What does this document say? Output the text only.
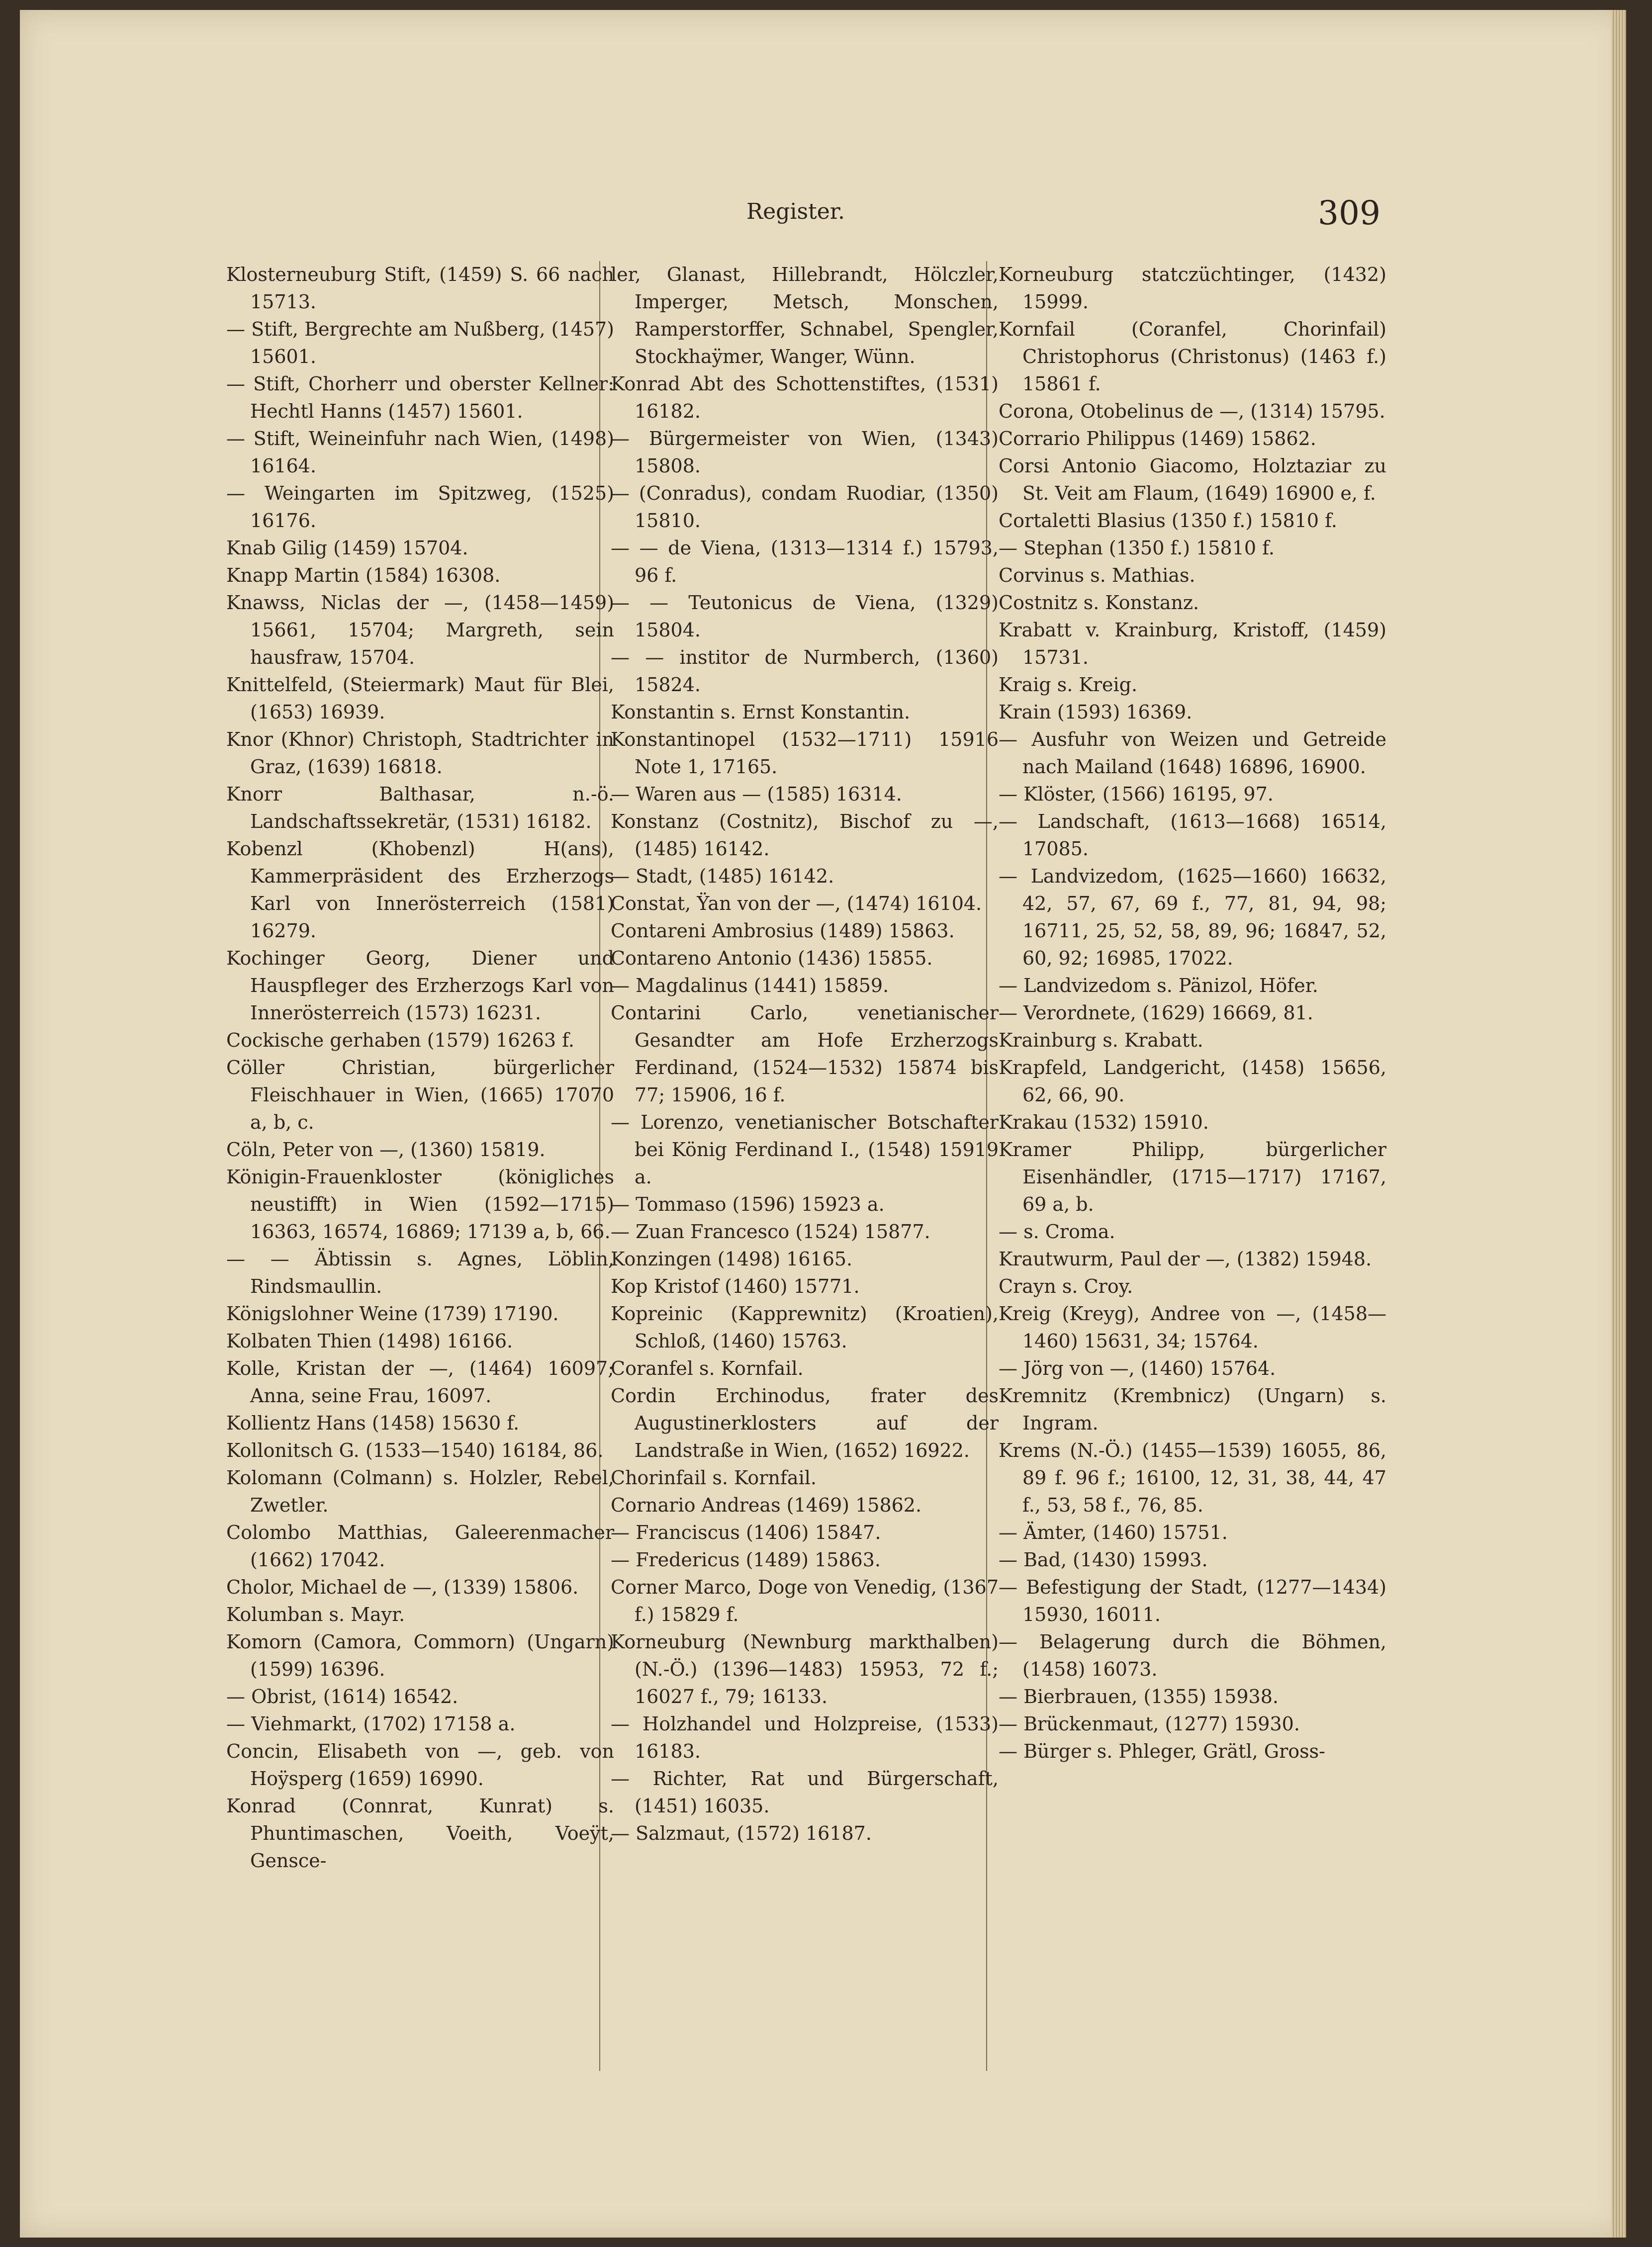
Register.	309

Klosterneuburg Stift, (1459) S. 66 nach 15713.

— Stift, Bergrechte am Nußberg, (1457) 15601.

— Stift, Chorherr und oberster Kellner: Hechtl Hanns (1457) 15601.

— Stift, Weineinfuhr nach Wien, (1498) 16164.

— Weingarten im Spitzweg, (1525) 16176.

Knab Gilig (1459) 15704.

Knapp Martin (1584) 16308.

Knawss, Niclas der —, (1458—1459) 15661, 15704; Margreth, sein hausfraw, 15704.

Knittelfeld, (Steiermark) Maut für Blei, (1653) 16939.

Knor (Khnor) Christoph, Stadtrichter in Graz, (1639) 16818.

Knorr Balthasar, n.-ö. Landschaftssekretär, (1531) 16182.

Kobenzl (Khobenzl) H(ans), Kammerpräsident des Erzherzogs Karl von Innerösterreich (1581) 16279.

Kochinger Georg, Diener und Hauspfleger des Erzherzogs Karl von Innerösterreich (1573) 16231.

Cockische gerhaben (1579) 16263 f.

Cöller Christian, bürgerlicher Fleischhauer in Wien, (1665) 17070 a, b, c.

Cöln, Peter von —, (1360) 15819.

Königin-Frauenkloster (königliches neustifft) in Wien (1592—1715) 16363, 16574, 16869; 17139 a, b, 66.

— — Äbtissin s. Agnes, Löblin, Rindsmaullin.

Königslohner Weine (1739) 17190.

Kolbaten Thien (1498) 16166.

Kolle, Kristan der —, (1464) 16097; Anna, seine Frau, 16097.

Kollientz Hans (1458) 15630 f.

Kollonitsch G. (1533—1540) 16184, 86.

Kolomann (Colmann) s. Holzler, Rebel, Zwetler.

Colombo Matthias, Galeerenmacher (1662) 17042.

Cholor, Michael de —, (1339) 15806.

Kolumban s. Mayr.

Komorn (Camora, Commorn) (Ungarn) (1599) 16396.

— Obrist, (1614) 16542.

— Viehmarkt, (1702) 17158 a.

Concin, Elisabeth von —, geb. von Hoÿsperg (1659) 16990.

Konrad (Connrat, Kunrat) s. Phuntimaschen, Voeith, Voeÿt, Gensce-

ler, Glanast, Hillebrandt, Hölczler, Imperger, Metsch, Monschen, Ramperstorffer, Schnabel, Spengler, Stockhaÿmer, Wanger, Wünn.

Konrad Abt des Schottenstiftes, (1531) 16182.

— Bürgermeister von Wien, (1343) 15808.

— (Conradus), condam Ruodiar, (1350) 15810.

— — de Viena, (1313—1314 f.) 15793, 96 f.

— — Teutonicus de Viena, (1329) 15804.

— — institor de Nurmberch, (1360) 15824.

Konstantin s. Ernst Konstantin.

Konstantinopel (1532—1711) 15916 Note 1, 17165.

— Waren aus — (1585) 16314.

Konstanz (Costnitz), Bischof zu —, (1485) 16142.

— Stadt, (1485) 16142.

Constat, Ÿan von der —, (1474) 16104.

Contareni Ambrosius (1489) 15863.

Contareno Antonio (1436) 15855.

— Magdalinus (1441) 15859.

Contarini Carlo, venetianischer Gesandter am Hofe Erzherzogs Ferdinand, (1524—1532) 15874 bis 77; 15906, 16 f.

— Lorenzo, venetianischer Botschafter bei König Ferdinand I., (1548) 15919 a.

— Tommaso (1596) 15923 a.

— Zuan Francesco (1524) 15877.

Konzingen (1498) 16165.

Kop Kristof (1460) 15771.

Kopreinic (Kapprewnitz) (Kroatien), Schloß, (1460) 15763.

Coranfel s. Kornfail.

Cordin Erchinodus, frater des Augustinerklosters auf der Landstraße in Wien, (1652) 16922.

Chorinfail s. Kornfail.

Cornario Andreas (1469) 15862.

— Franciscus (1406) 15847.

— Fredericus (1489) 15863.

Corner Marco, Doge von Venedig, (1367 f.) 15829 f.

Korneuburg (Newnburg markthalben) (N.-Ö.) (1396—1483) 15953, 72 f.; 16027 f., 79; 16133.

— Holzhandel und Holzpreise, (1533) 16183.

— Richter, Rat und Bürgerschaft, (1451) 16035.

— Salzmaut, (1572) 16187.

Korneuburg statczüchtinger, (1432) 15999.

Kornfail (Coranfel, Chorinfail) Christophorus (Christonus) (1463 f.) 15861 f.

Corona, Otobelinus de —, (1314) 15795.

Corrario Philippus (1469) 15862.

Corsi Antonio Giacomo, Holztaziar zu St. Veit am Flaum, (1649) 16900 e, f.

Cortaletti Blasius (1350 f.) 15810 f.

— Stephan (1350 f.) 15810 f.

Corvinus s. Mathias.

Costnitz s. Konstanz.

Krabatt v. Krainburg, Kristoff, (1459) 15731.

Kraig s. Kreig.

Krain (1593) 16369.

— Ausfuhr von Weizen und Getreide nach Mailand (1648) 16896, 16900.

— Klöster, (1566) 16195, 97.

— Landschaft, (1613—1668) 16514, 17085.

— Landvizedom, (1625—1660) 16632, 42, 57, 67, 69 f., 77, 81, 94, 98; 16711, 25, 52, 58, 89, 96; 16847, 52, 60, 92; 16985, 17022.

— Landvizedom s. Pänizol, Höfer.

— Verordnete, (1629) 16669, 81.

Krainburg s. Krabatt.

Krapfeld, Landgericht, (1458) 15656, 62, 66, 90.

Krakau (1532) 15910.

Kramer Philipp, bürgerlicher Eisenhändler, (1715—1717) 17167, 69 a, b.

— s. Croma.

Krautwurm, Paul der —, (1382) 15948.

Crayn s. Croy.

Kreig (Kreyg), Andree von —, (1458—1460) 15631, 34; 15764.

— Jörg von —, (1460) 15764.

Kremnitz (Krembnicz) (Ungarn) s. Ingram.

Krems (N.-Ö.) (1455—1539) 16055, 86, 89 f. 96 f.; 16100, 12, 31, 38, 44, 47 f., 53, 58 f., 76, 85.

— Ämter, (1460) 15751.

— Bad, (1430) 15993.

— Befestigung der Stadt, (1277—1434) 15930, 16011.

— Belagerung durch die Böhmen, (1458) 16073.

— Bierbrauen, (1355) 15938.

— Brückenmaut, (1277) 15930.

— Bürger s. Phleger, Grätl, Gross-
